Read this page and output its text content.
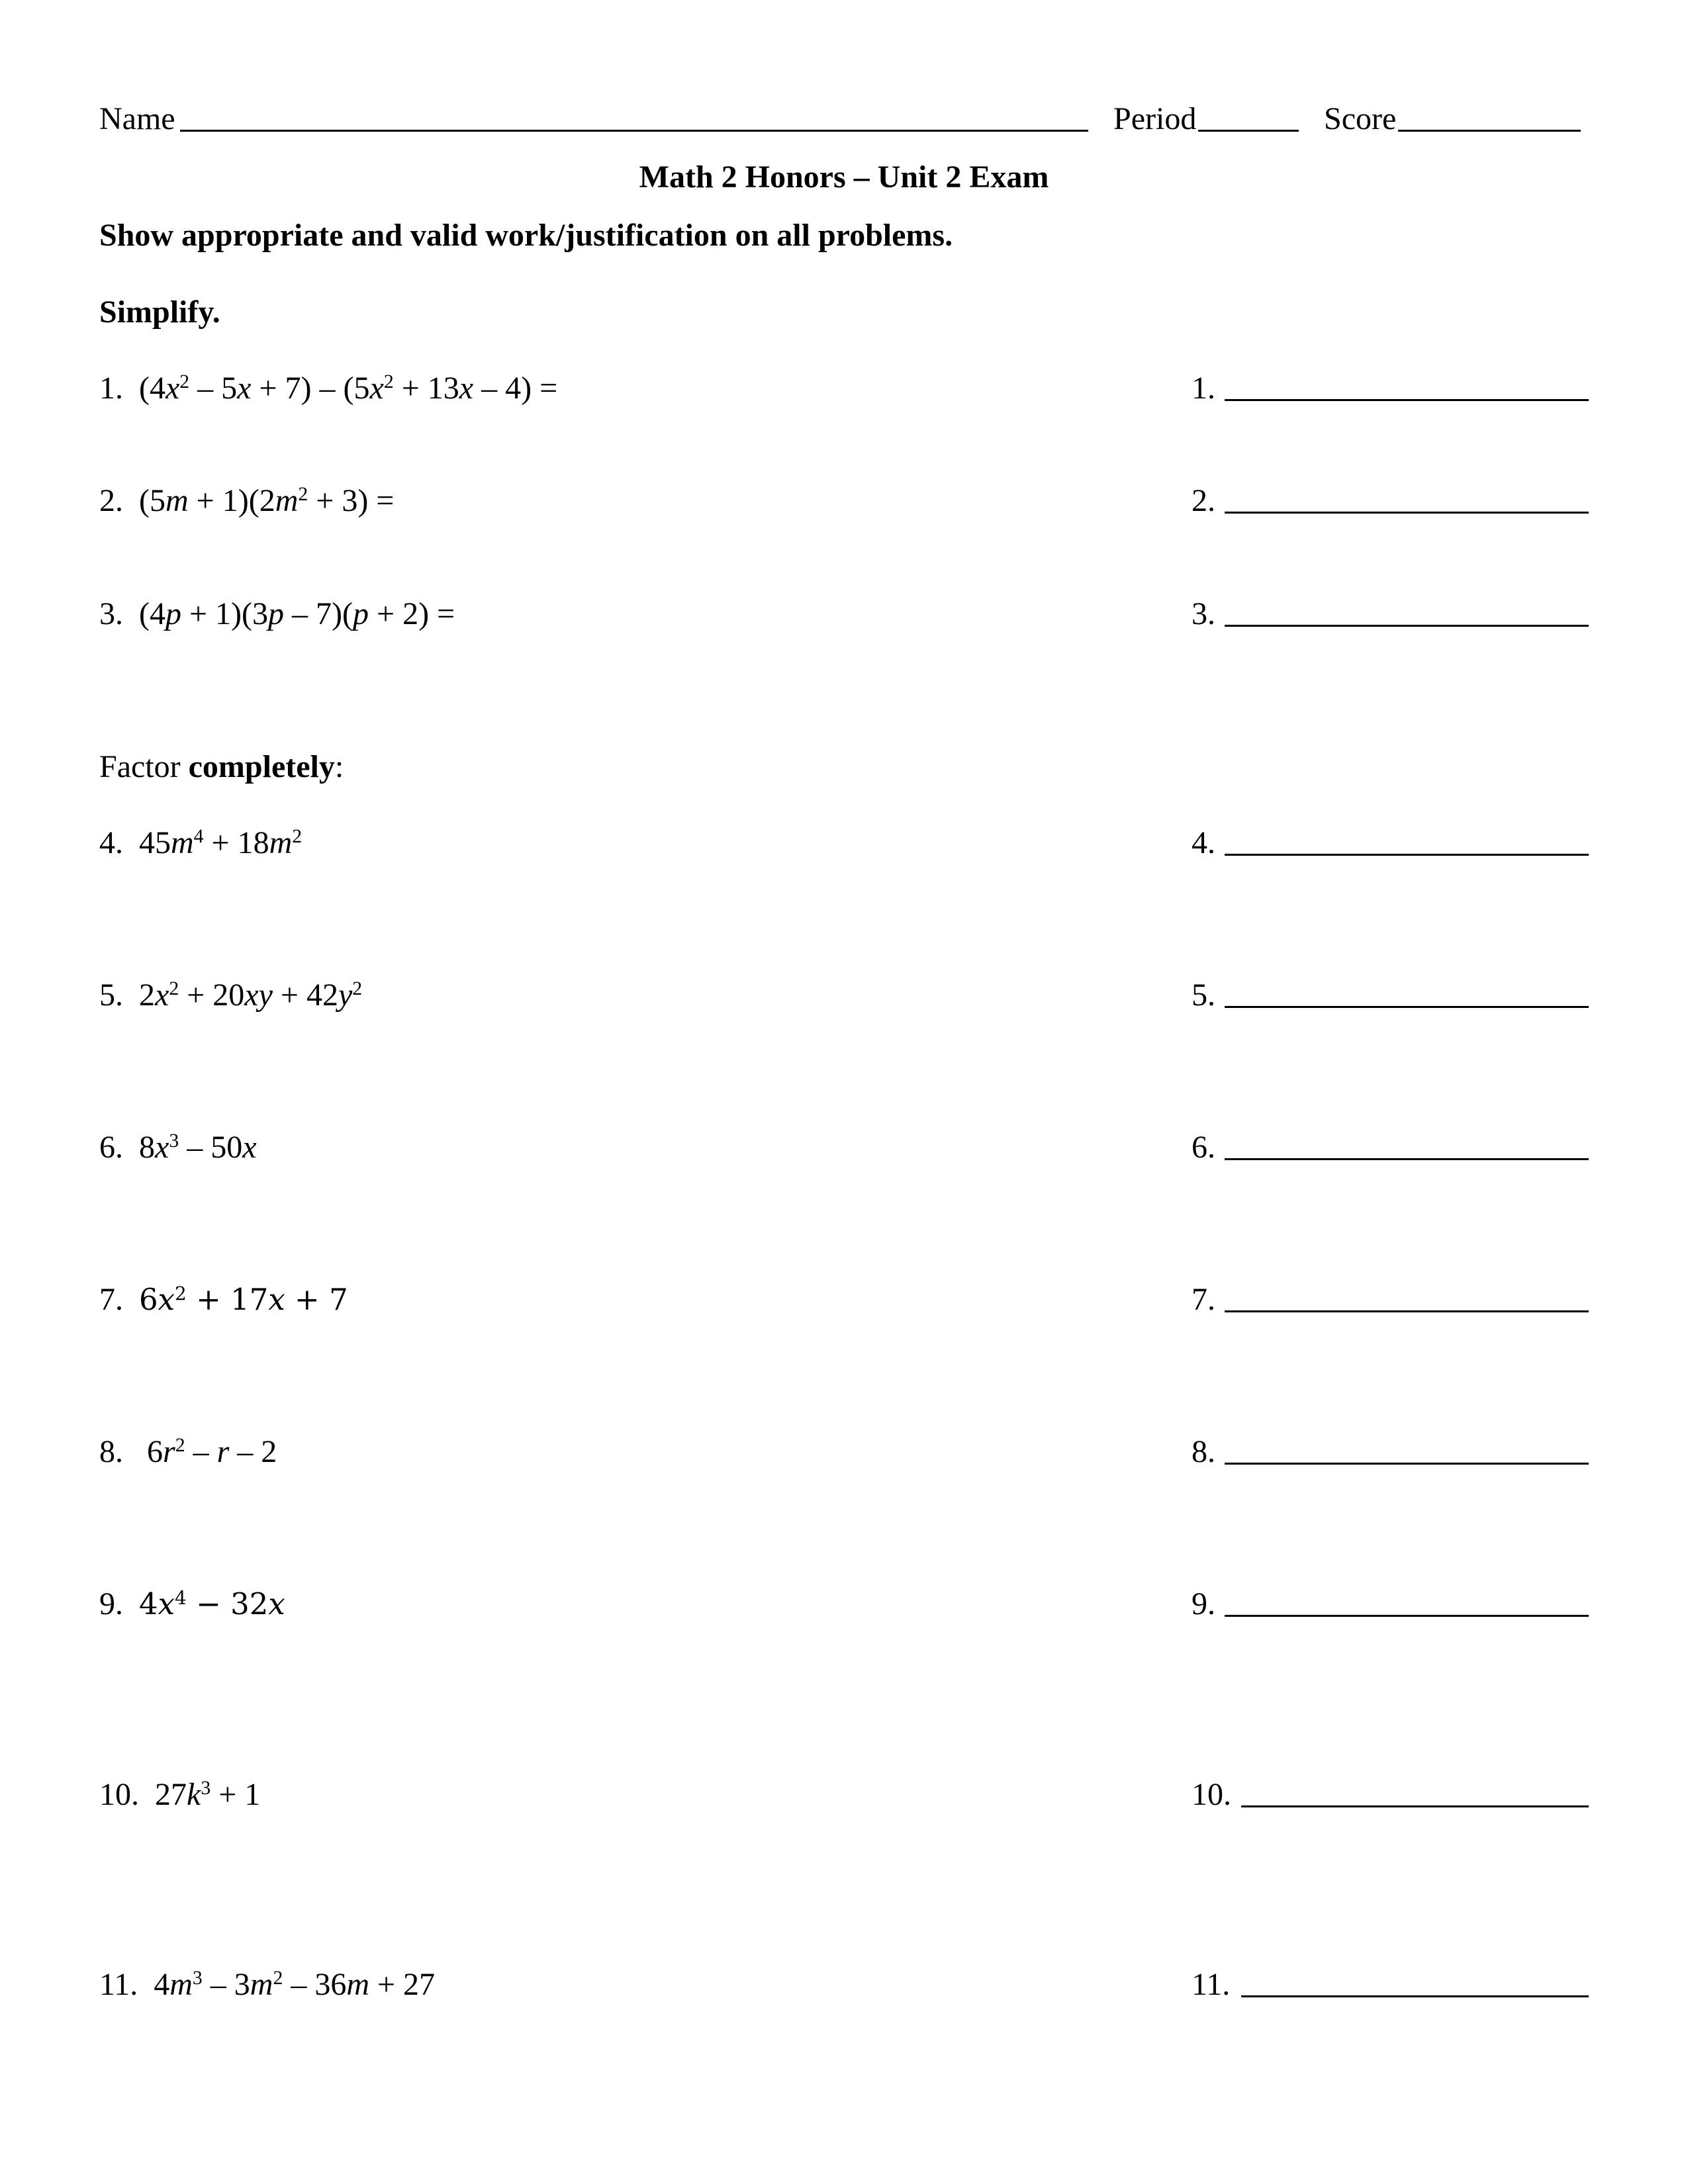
Name	Period	Score
Math 2 Honors – Unit 2 Exam
Show appropriate and valid work/justification on all problems.
Simplify.
1. $(4x^2 - 5x + 7) - (5x^2 + 13x - 4)$ =	1.
2. $(5m + 1)(2m^2 + 3)$ =	2.
3. (4p + 1)(3p – 7)(p + 2) =	3.
Factor completely:
4. $45m^4 + 18m^2$	4.
5. $2x^2 + 20xy + 42y^2$	5.
6. $8x^3 - 50x$	6.
7. $6x^2 + 17x + 7$	7.
8. $6r^2$ – r – 2	8.
9. $4x^4 - 32x$	9.
10. $27k^3 + 1$	10.
11. $4m^3 - 3m^2 - 36m + 27$	11.
